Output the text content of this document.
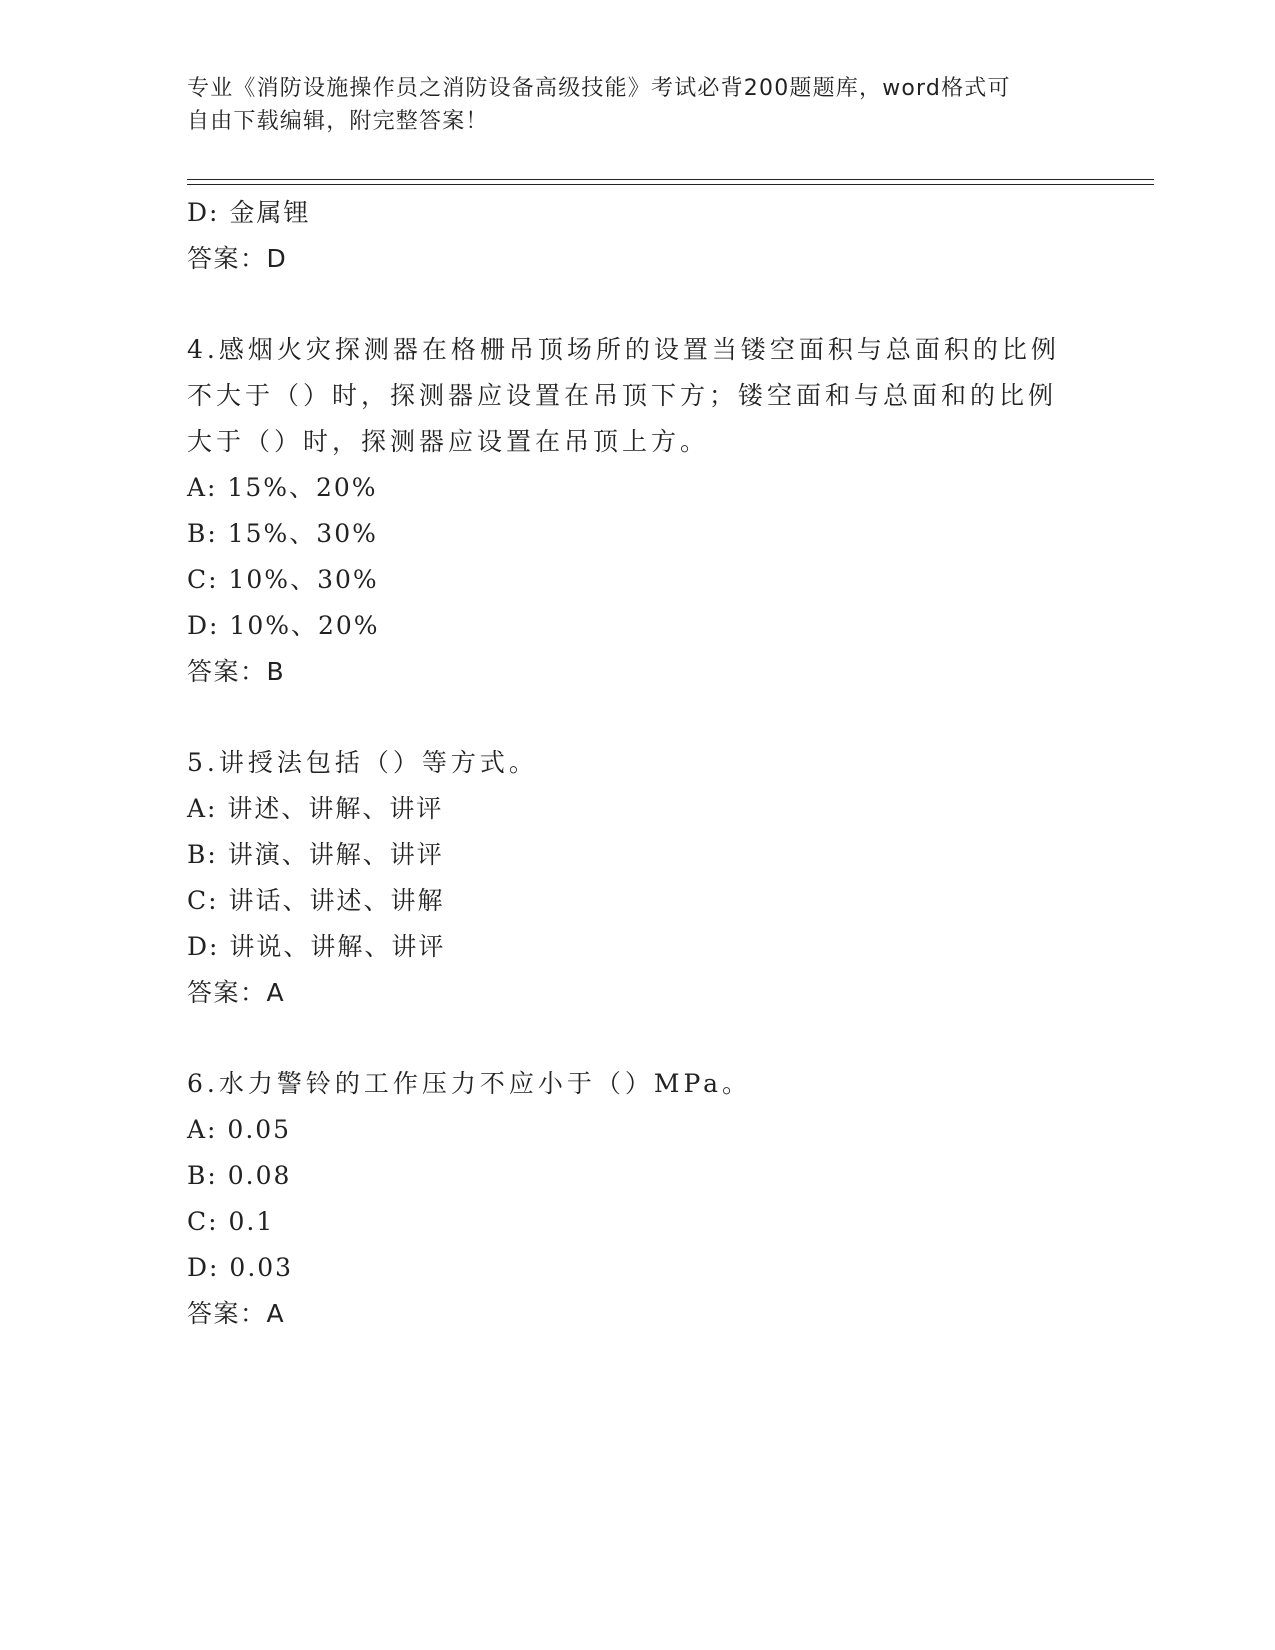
专业《消防设施操作员之消防设备高级技能》考试必背200题题库，word格式可
自由下载编辑，附完整答案！
D: 金属锂
答案：D
4.感烟火灾探测器在格栅吊顶场所的设置当镂空面积与总面积的比例
不大于（）时，探测器应设置在吊顶下方；镂空面和与总面和的比例
大于（）时，探测器应设置在吊顶上方。
A: 15%、20%
B: 15%、30%
C: 10%、30%
D: 10%、20%
答案：B
5.讲授法包括（）等方式。
A: 讲述、讲解、讲评
B: 讲演、讲解、讲评
C: 讲话、讲述、讲解
D: 讲说、讲解、讲评
答案：A
6.水力警铃的工作压力不应小于（）MPa。
A: 0.05
B: 0.08
C: 0.1
D: 0.03
答案：A
